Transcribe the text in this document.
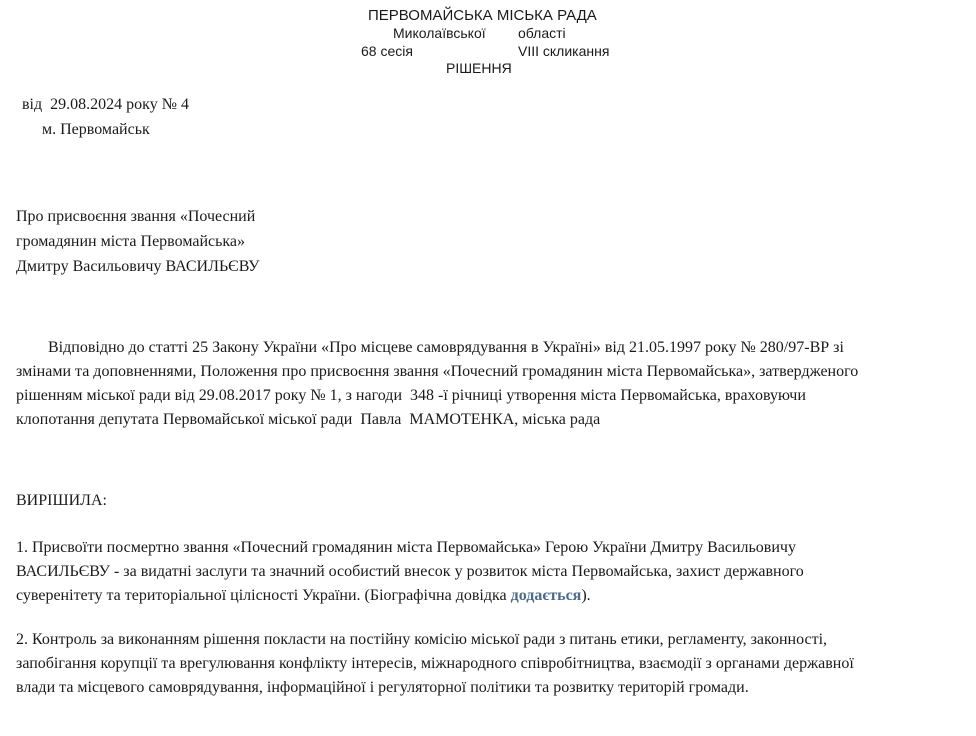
ПЕРВОМАЙСЬКА МІСЬКА РАДА
Миколаївської області
68 сесія	VIII скликання
РІШЕННЯ
від  29.08.2024 року № 4
м. Первомайськ
Про присвоєння звання «Почесний
громадянин міста Первомайська»
Дмитру Васильовичу ВАСИЛЬЄВУ
Відповідно до статті 25 Закону України «Про місцеве самоврядування в Україні» від 21.05.1997 року № 280/97-ВР зі
змінами та доповненнями, Положення про присвоєння звання «Почесний громадянин міста Первомайська», затвердженого
рішенням міської ради від 29.08.2017 року № 1, з нагоди  348 -ї річниці утворення міста Первомайська, враховуючи
клопотання депутата Первомайської міської ради  Павла  МАМОТЕНКА, міська рада
ВИРІШИЛА:
1. Присвоїти посмертно звання «Почесний громадянин міста Первомайська» Герою України Дмитру Васильовичу
ВАСИЛЬЄВУ - за видатні заслуги та значний особистий внесок у розвиток міста Первомайська, захист державного
суверенітету та територіальної цілісності України. (Біографічна довідка додається).
2. Контроль за виконанням рішення покласти на постійну комісію міської ради з питань етики, регламенту, законності,
запобігання корупції та врегулювання конфлікту інтересів, міжнародного співробітництва, взаємодії з органами державної
влади та місцевого самоврядування, інформаційної і регуляторної політики та розвитку територій громади.
